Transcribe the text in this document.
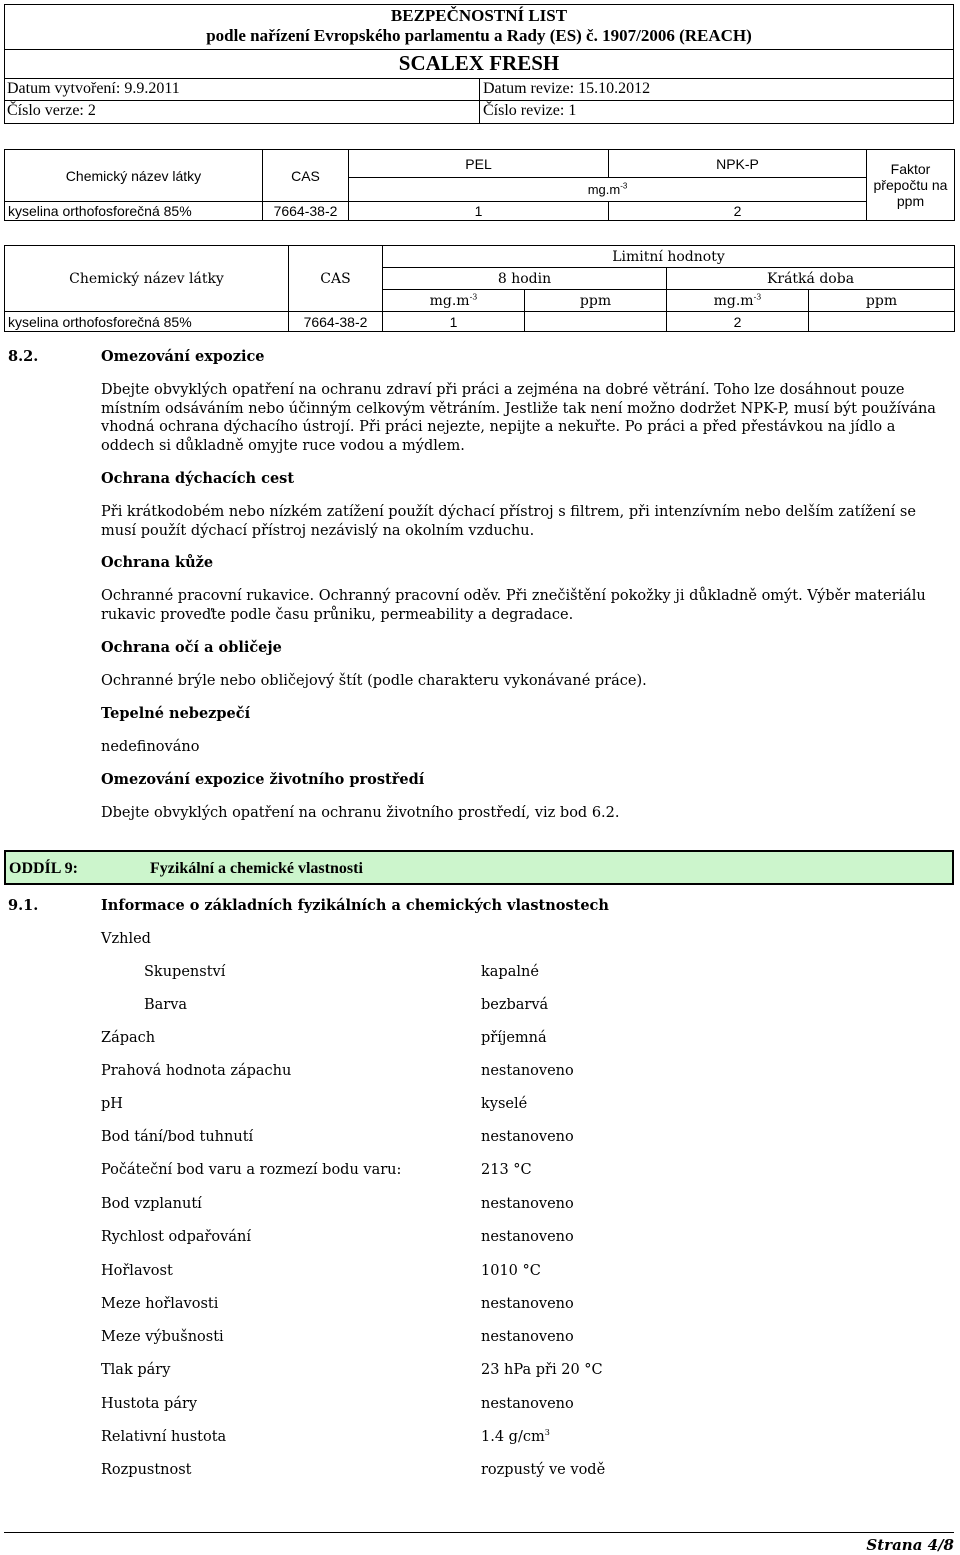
BEZPEČNOSTNÍ LIST
podle nařízení Evropského parlamentu a Rady (ES) č. 1907/2006 (REACH)
SCALEX FRESH
Datum vytvoření: 9.9.2011	Datum revize: 15.10.2012
Číslo verze: 2	Číslo revize: 1
Chemický název látky	CAS	PEL	NPK-P	Faktor přepočtu na ppm
		$mg.m^{-3}$
kyselina orthofosforečná 85%	7664-38-2	1	2	
Chemický název látky	CAS	Limitní hodnoty			
		8 hodin		Krátká doba	
		$mg.m^{-3}$	ppm	$mg.m^{-3}$	ppm
kyselina orthofosforečná 85%	7664-38-2	1		2	
8.2.	Omezování expozice
Dbejte obvyklých opatření na ochranu zdraví při práci a zejména na dobré větrání. Toho lze dosáhnout pouze místním odsáváním nebo účinným celkovým větráním. Jestliže tak není možno dodržet NPK-P, musí být používána vhodná ochrana dýchacího ústrojí. Při práci nejezte, nepijte a nekuřte. Po práci a před přestávkou na jídlo a oddech si důkladně omyjte ruce vodou a mýdlem.
Ochrana dýchacích cest
Při krátkodobém nebo nízkém zatížení použít dýchací přístroj s filtrem, při intenzívním nebo delším zatížení se musí použít dýchací přístroj nezávislý na okolním vzduchu.
Ochrana kůže
Ochranné pracovní rukavice. Ochranný pracovní oděv. Při znečištění pokožky ji důkladně omýt. Výběr materiálu rukavic proveďte podle času průniku, permeability a degradace.
Ochrana očí a obličeje
Ochranné brýle nebo obličejový štít (podle charakteru vykonávané práce).
Tepelné nebezpečí
nedefinováno
Omezování expozice životního prostředí
Dbejte obvyklých opatření na ochranu životního prostředí, viz bod 6.2.
ODDÍL 9:	Fyzikální a chemické vlastnosti
9.1.	Informace o základních fyzikálních a chemických vlastnostech
Vzhled
Skupenství	kapalné
Barva	bezbarvá
Zápach	příjemná
Prahová hodnota zápachu	nestanoveno
pH	kyselé
Bod tání/bod tuhnutí	nestanoveno
Počáteční bod varu a rozmezí bodu varu:	213 °C
Bod vzplanutí	nestanoveno
Rychlost odpařování	nestanoveno
Hořlavost	1010 °C
Meze hořlavosti	nestanoveno
Meze výbušnosti	nestanoveno
Tlak páry	23 hPa při 20 °C
Hustota páry	nestanoveno
Relativní hustota	1.4 $g/cm^3$
Rozpustnost	rozpustý ve vodě
Strana 4/8
